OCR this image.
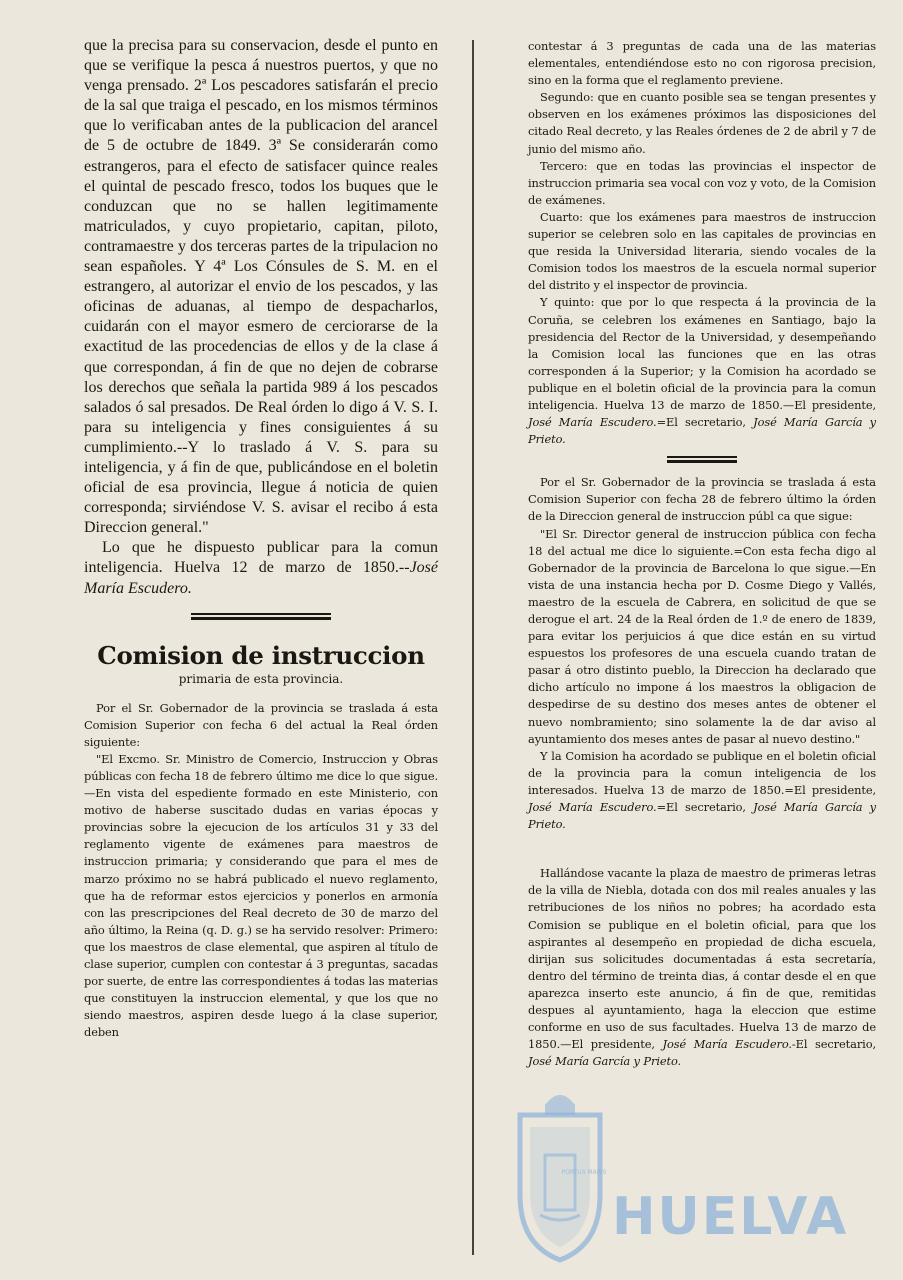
que la precisa para su conservacion, desde el punto en que se verifique la pesca á nuestros puertos, y que no venga prensado. 2ª Los pescadores satisfarán el precio de la sal que traiga el pescado, en los mismos términos que lo verificaban antes de la publicacion del arancel de 5 de octubre de 1849. 3ª Se considerarán como estrangeros, para el efecto de satisfacer quince reales el quintal de pescado fresco, todos los buques que le conduzcan que no se hallen legitimamente matriculados, y cuyo propietario, capitan, piloto, contramaestre y dos terceras partes de la tripulacion no sean españoles. Y 4ª Los Cónsules de S. M. en el estrangero, al autorizar el envio de los pescados, y las oficinas de aduanas, al tiempo de despacharlos, cuidarán con el mayor esmero de cerciorarse de la exactitud de las procedencias de ellos y de la clase á que correspondan, á fin de que no dejen de cobrarse los derechos que señala la partida 989 á los pescados salados ó sal presados. De Real órden lo digo á V. S. I. para su inteligencia y fines consiguientes á su cumplimiento.--Y lo traslado á V. S. para su inteligencia, y á fin de que, publicándose en el boletin oficial de esa provincia, llegue á noticia de quien corresponda; sirviéndose V. S. avisar el recibo á esta Direccion general."

Lo que he dispuesto publicar para la comun inteligencia. Huelva 12 de marzo de 1850.--José María Escudero.

Comision de instruccion
primaria de esta provincia.

Por el Sr. Gobernador de la provincia se traslada á esta Comision Superior con fecha 6 del actual la Real órden siguiente:

"El Excmo. Sr. Ministro de Comercio, Instruccion y Obras públicas con fecha 18 de febrero último me dice lo que sigue.—En vista del espediente formado en este Ministerio, con motivo de haberse suscitado dudas en varias épocas y provincias sobre la ejecucion de los artículos 31 y 33 del reglamento vigente de exámenes para maestros de instruccion primaria; y considerando que para el mes de marzo próximo no se habrá publicado el nuevo reglamento, que ha de reformar estos ejercicios y ponerlos en armonía con las prescripciones del Real decreto de 30 de marzo del año último, la Reina (q. D. g.) se ha servido resolver: Primero: que los maestros de clase elemental, que aspiren al título de clase superior, cumplen con contestar á 3 preguntas, sacadas por suerte, de entre las correspondientes á todas las materias que constituyen la instruccion elemental, y que los que no siendo maestros, aspiren desde luego á la clase superior, deben

contestar á 3 preguntas de cada una de las materias elementales, entendiéndose esto no con rigorosa precision, sino en la forma que el reglamento previene.

Segundo: que en cuanto posible sea se tengan presentes y observen en los exámenes próximos las disposiciones del citado Real decreto, y las Reales órdenes de 2 de abril y 7 de junio del mismo año.

Tercero: que en todas las provincias el inspector de instruccion primaria sea vocal con voz y voto, de la Comision de exámenes.

Cuarto: que los exámenes para maestros de instruccion superior se celebren solo en las capitales de provincias en que resida la Universidad literaria, siendo vocales de la Comision todos los maestros de la escuela normal superior del distrito y el inspector de provincia.

Y quinto: que por lo que respecta á la provincia de la Coruña, se celebren los exámenes en Santiago, bajo la presidencia del Rector de la Universidad, y desempeñando la Comision local las funciones que en las otras corresponden á la Superior; y la Comision ha acordado se publique en el boletin oficial de la provincia para la comun inteligencia. Huelva 13 de marzo de 1850.—El presidente, José María Escudero.=El secretario, José María García y Prieto.

Por el Sr. Gobernador de la provincia se traslada á esta Comision Superior con fecha 28 de febrero último la órden de la Direccion general de instruccion públ ca que sigue:

"El Sr. Director general de instruccion pública con fecha 18 del actual me dice lo siguiente.=Con esta fecha digo al Gobernador de la provincia de Barcelona lo que sigue.—En vista de una instancia hecha por D. Cosme Diego y Vallés, maestro de la escuela de Cabrera, en solicitud de que se derogue el art. 24 de la Real órden de 1.º de enero de 1839, para evitar los perjuicios á que dice están en su virtud espuestos los profesores de una escuela cuando tratan de pasar á otro distinto pueblo, la Direccion ha declarado que dicho artículo no impone á los maestros la obligacion de despedirse de su destino dos meses antes de obtener el nuevo nombramiento; sino solamente la de dar aviso al ayuntamiento dos meses antes de pasar al nuevo destino."

Y la Comision ha acordado se publique en el boletin oficial de la provincia para la comun inteligencia de los interesados. Huelva 13 de marzo de 1850.=El presidente, José María Escudero.=El secretario, José María García y Prieto.

Hallándose vacante la plaza de maestro de primeras letras de la villa de Niebla, dotada con dos mil reales anuales y las retribuciones de los niños no pobres; ha acordado esta Comision se publique en el boletin oficial, para que los aspirantes al desempeño en propiedad de dicha escuela, dirijan sus solicitudes documentadas á esta secretaría, dentro del término de treinta dias, á contar desde el en que aparezca inserto este anuncio, á fin de que, remitidas despues al ayuntamiento, haga la eleccion que estime conforme en uso de sus facultades. Huelva 13 de marzo de 1850.—El presidente, José María Escudero.-El secretario, José María García y Prieto.

PORTUS MARIS
HUELVA
